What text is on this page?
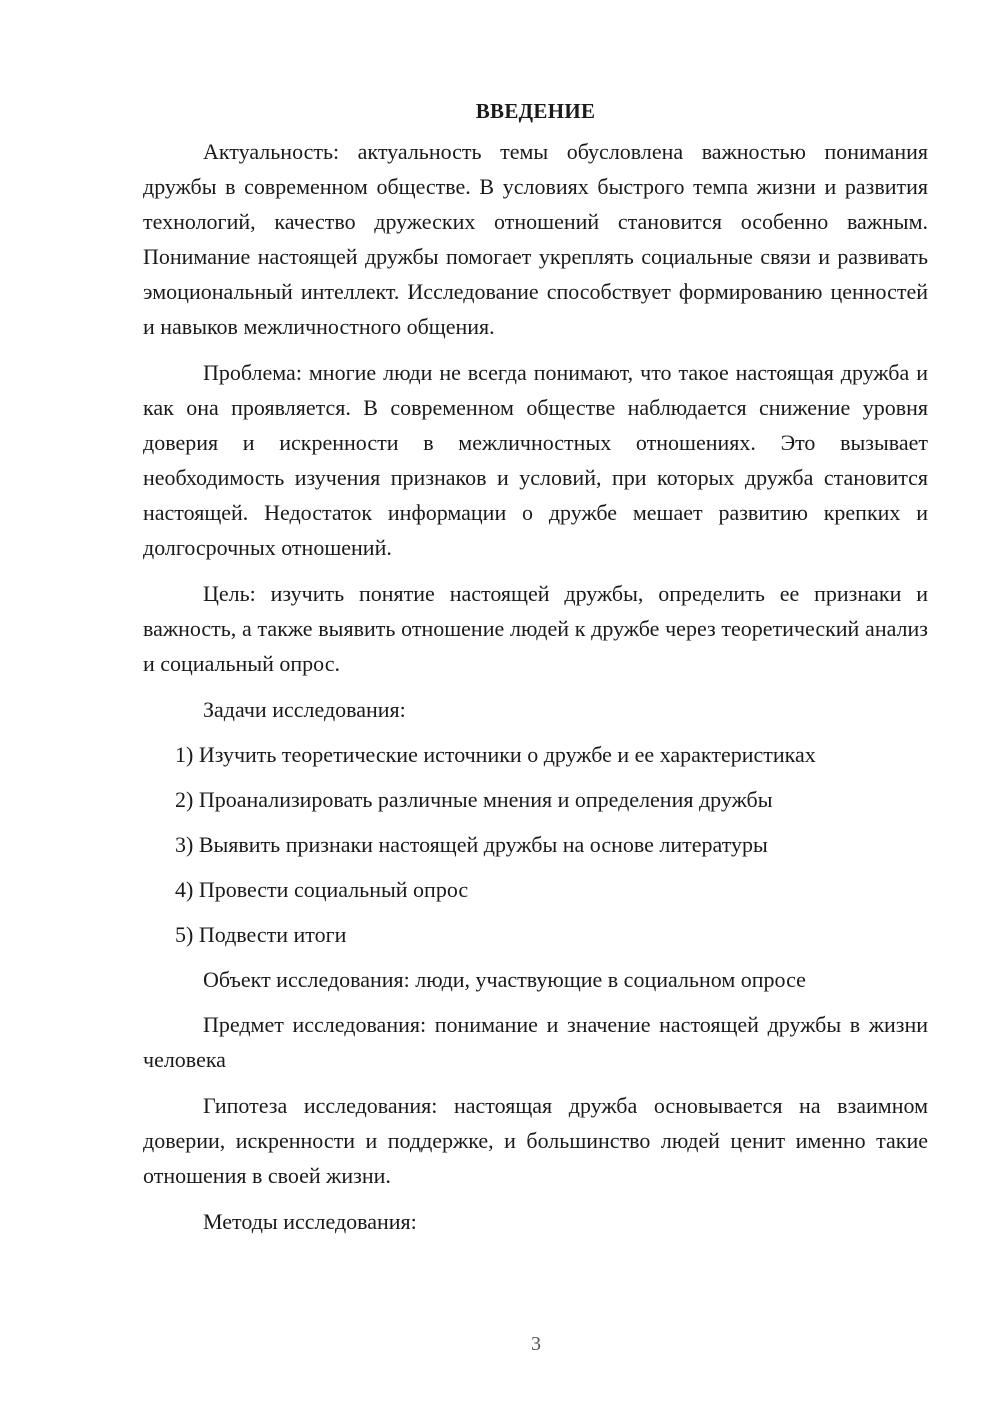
ВВЕДЕНИЕ

Актуальность: актуальность темы обусловлена важностью понимания дружбы в современном обществе. В условиях быстрого темпа жизни и развития технологий, качество дружеских отношений становится особенно важным. Понимание настоящей дружбы помогает укреплять социальные связи и развивать эмоциональный интеллект. Исследование способствует формированию ценностей и навыков межличностного общения.

Проблема: многие люди не всегда понимают, что такое настоящая дружба и как она проявляется. В современном обществе наблюдается снижение уровня доверия и искренности в межличностных отношениях. Это вызывает необходимость изучения признаков и условий, при которых дружба становится настоящей. Недостаток информации о дружбе мешает развитию крепких и долгосрочных отношений.

Цель: изучить понятие настоящей дружбы, определить ее признаки и важность, а также выявить отношение людей к дружбе через теоретический анализ и социальный опрос.

Задачи исследования:

1) Изучить теоретические источники о дружбе и ее характеристиках

2) Проанализировать различные мнения и определения дружбы

3) Выявить признаки настоящей дружбы на основе литературы

4) Провести социальный опрос

5) Подвести итоги

Объект исследования: люди, участвующие в социальном опросе

Предмет исследования: понимание и значение настоящей дружбы в жизни человека

Гипотеза исследования: настоящая дружба основывается на взаимном доверии, искренности и поддержке, и большинство людей ценит именно такие отношения в своей жизни.

Методы исследования:

3
